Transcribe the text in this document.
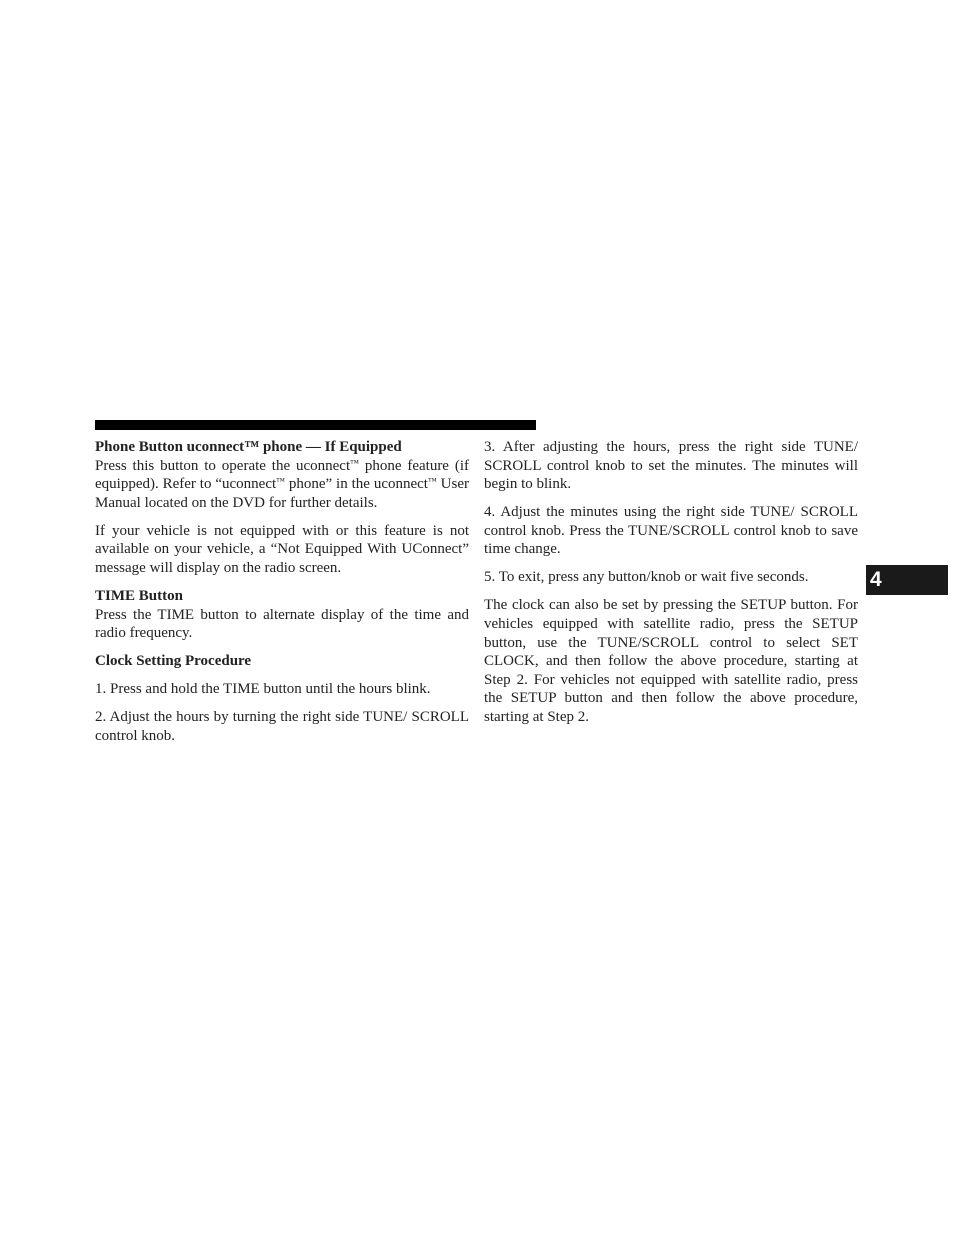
Phone Button uconnect™ phone — If Equipped

Press this button to operate the uconnect™ phone feature (if equipped). Refer to “uconnect™ phone” in the uconnect™ User Manual located on the DVD for further details.

If your vehicle is not equipped with or this feature is not available on your vehicle, a “Not Equipped With UConnect” message will display on the radio screen.

TIME Button

Press the TIME button to alternate display of the time and radio frequency.

Clock Setting Procedure

1. Press and hold the TIME button until the hours blink.

2. Adjust the hours by turning the right side TUNE/ SCROLL control knob.

3. After adjusting the hours, press the right side TUNE/ SCROLL control knob to set the minutes. The minutes will begin to blink.

4. Adjust the minutes using the right side TUNE/ SCROLL control knob. Press the TUNE/SCROLL control knob to save time change.

5. To exit, press any button/knob or wait five seconds.

The clock can also be set by pressing the SETUP button. For vehicles equipped with satellite radio, press the SETUP button, use the TUNE/SCROLL control to select SET CLOCK, and then follow the above procedure, starting at Step 2. For vehicles not equipped with satellite radio, press the SETUP button and then follow the above procedure, starting at Step 2.

4
